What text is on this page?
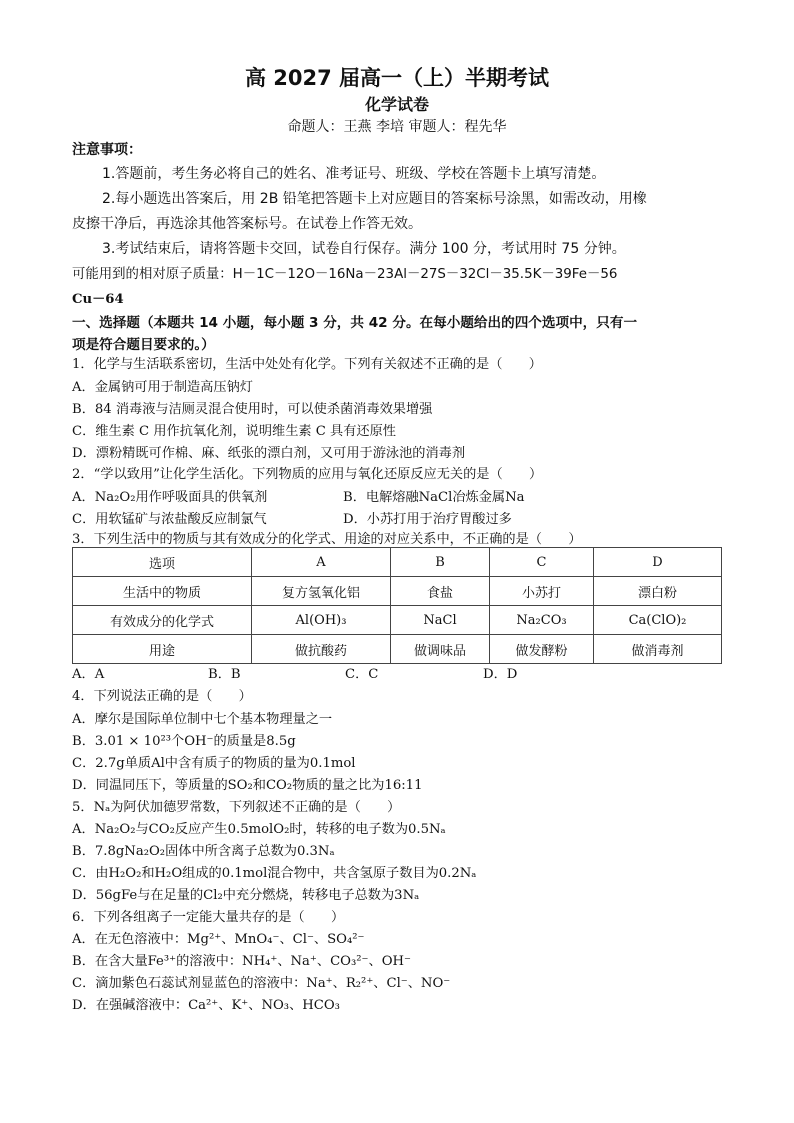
高 2027 届高一（上）半期考试
化学试卷
命题人：王燕 李培 审题人：程先华
注意事项：
1.答题前，考生务必将自己的姓名、准考证号、班级、学校在答题卡上填写清楚。
2.每小题选出答案后，用 2B 铅笔把答题卡上对应题目的答案标号涂黑，如需改动，用橡
皮擦干净后，再选涂其他答案标号。在试卷上作答无效。
3.考试结束后，请将答题卡交回，试卷自行保存。满分 100 分，考试用时 75 分钟。
可能用到的相对原子质量：H－1C－12O－16Na－23Al－27S－32Cl－35.5K－39Fe－56
Cu－64
一、选择题（本题共 14 小题，每小题 3 分，共 42 分。在每小题给出的四个选项中，只有一
项是符合题目要求的。）
1．化学与生活联系密切，生活中处处有化学。下列有关叙述不正确的是（　　）
A．金属钠可用于制造高压钠灯
B．84 消毒液与洁厕灵混合使用时，可以使杀菌消毒效果增强
C．维生素 C 用作抗氧化剂，说明维生素 C 具有还原性
D．漂粉精既可作棉、麻、纸张的漂白剂，又可用于游泳池的消毒剂
2．“学以致用”让化学生活化。下列物质的应用与氧化还原反应无关的是（　　）
A．Na₂O₂用作呼吸面具的供氧剂	B．电解熔融NaCl冶炼金属Na
C．用软锰矿与浓盐酸反应制氯气	D．小苏打用于治疗胃酸过多
3．下列生活中的物质与其有效成分的化学式、用途的对应关系中，不正确的是（　　）
选项	A	B	C	D
生活中的物质	复方氢氧化铝	食盐	小苏打	漂白粉
有效成分的化学式	Al(OH)₃	NaCl	Na₂CO₃	Ca(ClO)₂
用途	做抗酸药	做调味品	做发酵粉	做消毒剂
A．A	B．B	C．C	D．D
4．下列说法正确的是（　　）
A．摩尔是国际单位制中七个基本物理量之一
B．3.01 × 10²³个OH⁻的质量是8.5g
C．2.7g单质Al中含有质子的物质的量为0.1mol
D．同温同压下，等质量的SO₂和CO₂物质的量之比为16:11
5．Nₐ为阿伏加德罗常数，下列叙述不正确的是（　　）
A．Na₂O₂与CO₂反应产生0.5molO₂时，转移的电子数为0.5Nₐ
B．7.8gNa₂O₂固体中所含离子总数为0.3Nₐ
C．由H₂O₂和H₂O组成的0.1mol混合物中，共含氢原子数目为0.2Nₐ
D．56gFe与在足量的Cl₂中充分燃烧，转移电子总数为3Nₐ
6．下列各组离子一定能大量共存的是（　　）
A．在无色溶液中：Mg²⁺、MnO₄⁻、Cl⁻、SO₄²⁻
B．在含大量Fe³⁺的溶液中：NH₄⁺、Na⁺、CO₃²⁻、OH⁻
C．滴加紫色石蕊试剂显蓝色的溶液中：Na⁺、R₂²⁺、Cl⁻、NO⁻
D．在强碱溶液中：Ca²⁺、K⁺、NO₃、HCO₃
